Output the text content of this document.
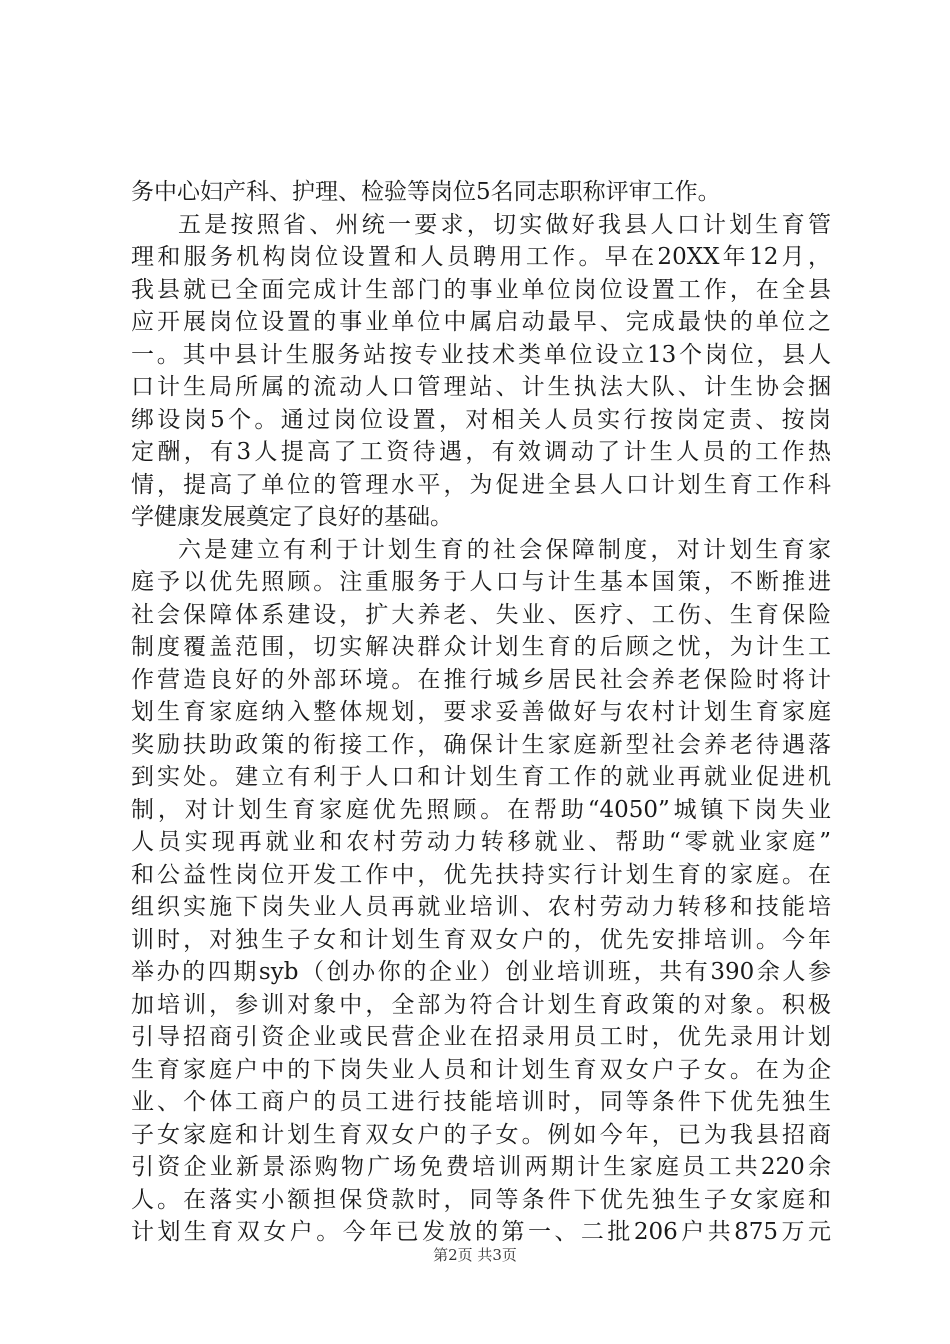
务中心妇产科、护理、检验等岗位5名同志职称评审工作。
五是按照省、州统一要求，切实做好我县人口计划生育管
理和服务机构岗位设置和人员聘用工作。早在20XX年12月，
我县就已全面完成计生部门的事业单位岗位设置工作，在全县
应开展岗位设置的事业单位中属启动最早、完成最快的单位之
一。其中县计生服务站按专业技术类单位设立13个岗位，县人
口计生局所属的流动人口管理站、计生执法大队、计生协会捆
绑设岗5个。通过岗位设置，对相关人员实行按岗定责、按岗
定酬，有3人提高了工资待遇，有效调动了计生人员的工作热
情，提高了单位的管理水平，为促进全县人口计划生育工作科
学健康发展奠定了良好的基础。
六是建立有利于计划生育的社会保障制度，对计划生育家
庭予以优先照顾。注重服务于人口与计生基本国策，不断推进
社会保障体系建设，扩大养老、失业、医疗、工伤、生育保险
制度覆盖范围，切实解决群众计划生育的后顾之忧，为计生工
作营造良好的外部环境。在推行城乡居民社会养老保险时将计
划生育家庭纳入整体规划，要求妥善做好与农村计划生育家庭
奖励扶助政策的衔接工作，确保计生家庭新型社会养老待遇落
到实处。建立有利于人口和计划生育工作的就业再就业促进机
制，对计划生育家庭优先照顾。在帮助“4050”城镇下岗失业
人员实现再就业和农村劳动力转移就业、帮助“零就业家庭”
和公益性岗位开发工作中，优先扶持实行计划生育的家庭。在
组织实施下岗失业人员再就业培训、农村劳动力转移和技能培
训时，对独生子女和计划生育双女户的，优先安排培训。今年
举办的四期syb（创办你的企业）创业培训班，共有390余人参
加培训，参训对象中，全部为符合计划生育政策的对象。积极
引导招商引资企业或民营企业在招录用员工时，优先录用计划
生育家庭户中的下岗失业人员和计划生育双女户子女。在为企
业、个体工商户的员工进行技能培训时，同等条件下优先独生
子女家庭和计划生育双女户的子女。例如今年，已为我县招商
引资企业新景添购物广场免费培训两期计生家庭员工共220余
人。在落实小额担保贷款时，同等条件下优先独生子女家庭和
计划生育双女户。今年已发放的第一、二批206户共875万元
第2页 共3页
